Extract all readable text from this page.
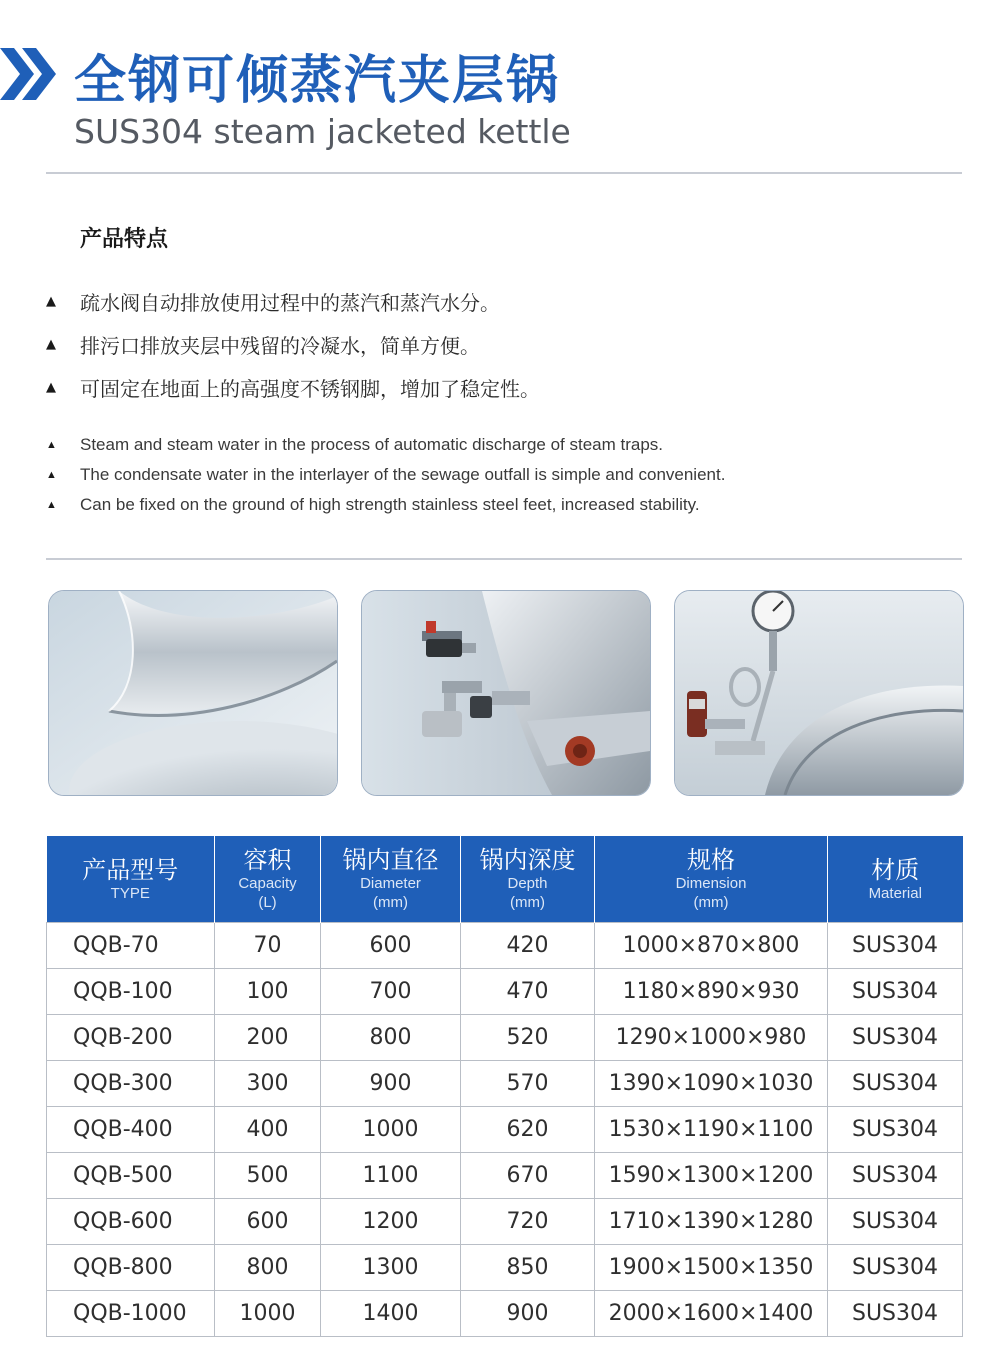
全钢可倾蒸汽夹层锅
SUS304 steam jacketed kettle
产品特点
▲	疏水阀自动排放使用过程中的蒸汽和蒸汽水分。
▲	排污口排放夹层中残留的冷凝水，简单方便。
▲	可固定在地面上的高强度不锈钢脚，增加了稳定性。
▲	Steam and steam water in the process of automatic discharge of steam traps.
▲	The condensate water in the interlayer of the sewage outfall is simple and convenient.
▲	Can be fixed on the ground of high strength stainless steel feet, increased stability.
产品型号
TYPE	容积
Capacity
(L)	锅内直径
Diameter
(mm)	锅内深度
Depth
(mm)	规格
Dimension
(mm)	材质
Material

QQB-70	70	600	420	1000×870×800	SUS304
QQB-100	100	700	470	1180×890×930	SUS304
QQB-200	200	800	520	1290×1000×980	SUS304
QQB-300	300	900	570	1390×1090×1030	SUS304
QQB-400	400	1000	620	1530×1190×1100	SUS304
QQB-500	500	1100	670	1590×1300×1200	SUS304
QQB-600	600	1200	720	1710×1390×1280	SUS304
QQB-800	800	1300	850	1900×1500×1350	SUS304
QQB-1000	1000	1400	900	2000×1600×1400	SUS304
